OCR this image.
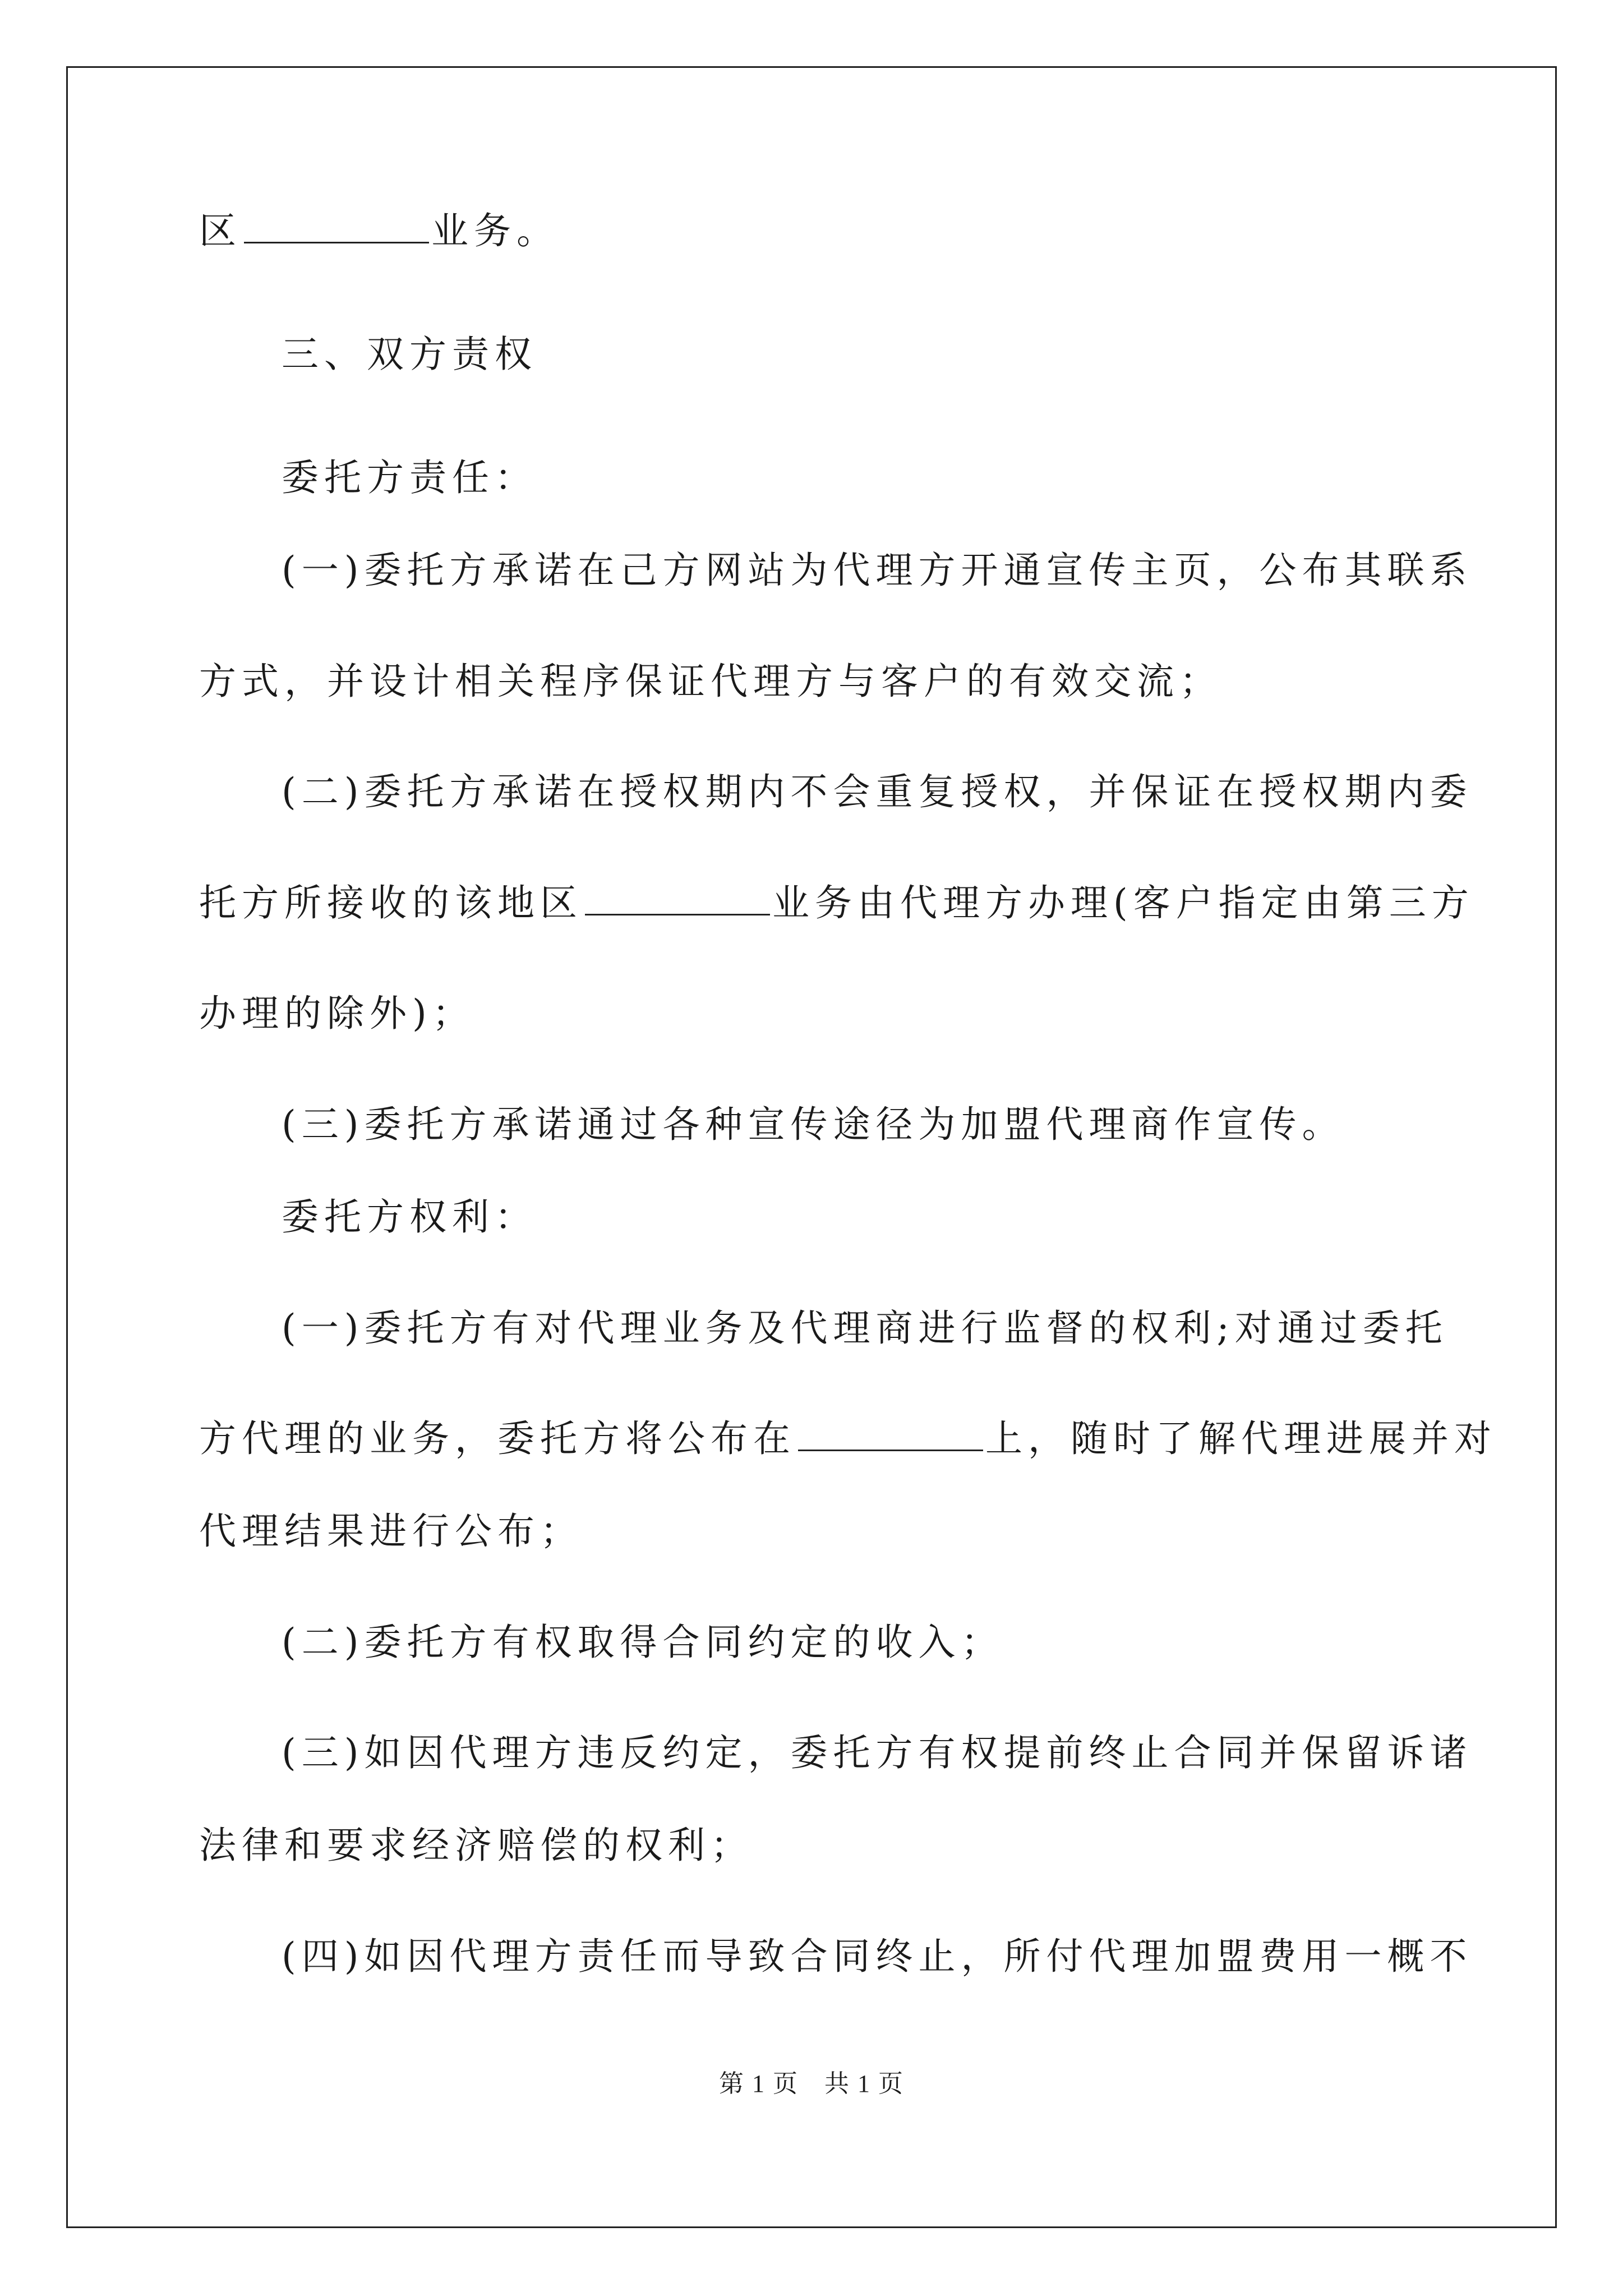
区	业务。
三、双方责权
委托方责任：
(一)委托方承诺在己方网站为代理方开通宣传主页，公布其联系
方式，并设计相关程序保证代理方与客户的有效交流；
(二)委托方承诺在授权期内不会重复授权，并保证在授权期内委
托方所接收的该地区	业务由代理方办理(客户指定由第三方
办理的除外)；
(三)委托方承诺通过各种宣传途径为加盟代理商作宣传。
委托方权利：
(一)委托方有对代理业务及代理商进行监督的权利;对通过委托
方代理的业务，委托方将公布在	上，随时了解代理进展并对
代理结果进行公布；
(二)委托方有权取得合同约定的收入；
(三)如因代理方违反约定，委托方有权提前终止合同并保留诉诸
法律和要求经济赔偿的权利；
(四)如因代理方责任而导致合同终止，所付代理加盟费用一概不
第 1 页　共 1 页
